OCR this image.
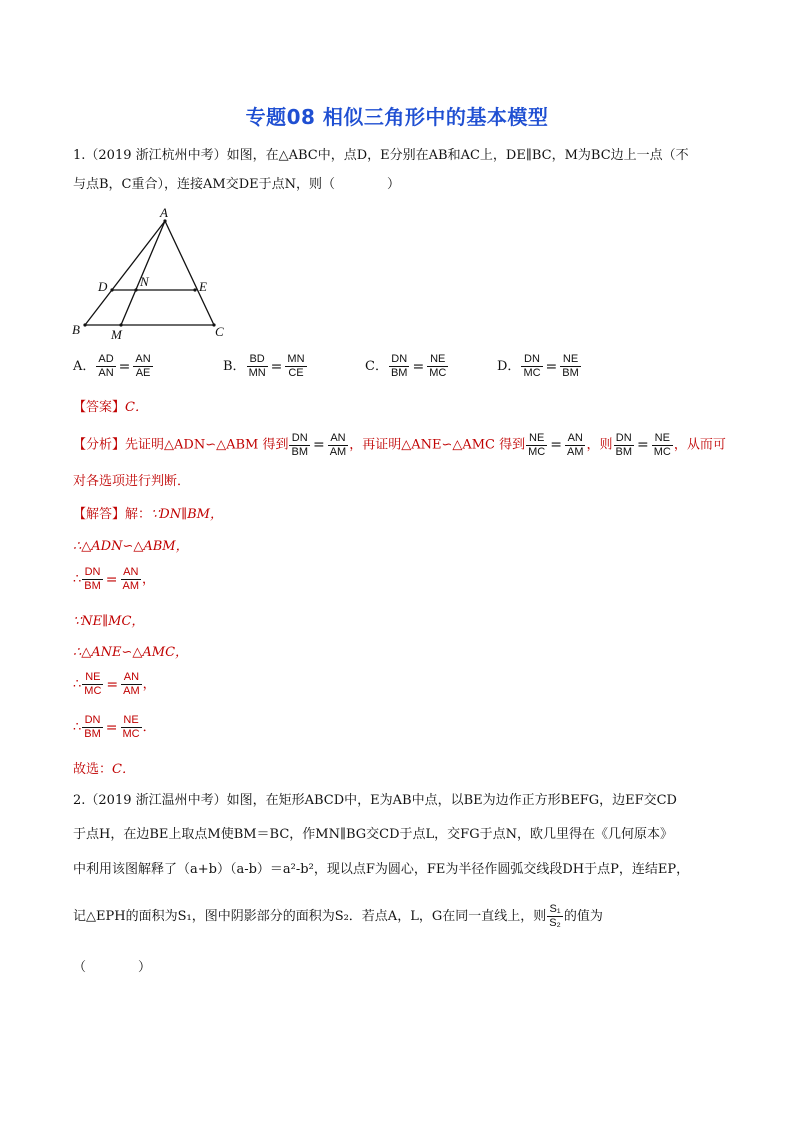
专题08 相似三角形中的基本模型
1.（2019 浙江杭州中考）如图，在△ABC中，点D，E分别在AB和AC上，DE∥BC，M为BC边上一点（不
与点B，C重合），连接AM交DE于点N，则（　　　　）
A
B	C
D	E
M
N
A． $\frac{AD}{AN} = \frac{AN}{AE}$	B． $\frac{BD}{MN} = \frac{MN}{CE}$	C． $\frac{DN}{BM} = \frac{NE}{MC}$	D． $\frac{DN}{MC} = \frac{NE}{BM}$
【答案】C．
【分析】先证明△ADN∽△ABM 得到 $\frac{DN}{BM} = \frac{AN}{AM}$ ，再证明△ANE∽△AMC 得到 $\frac{NE}{MC} = \frac{AN}{AM}$ ，则 $\frac{DN}{BM} = \frac{NE}{MC}$ ，从而可
对各选项进行判断．
【解答】解：∵DN∥BM，
∴△ADN∽△ABM，
∴ $\frac{DN}{BM} = \frac{AN}{AM}$ ，
∵NE∥MC，
∴△ANE∽△AMC，
∴ $\frac{NE}{MC} = \frac{AN}{AM}$ ，
∴ $\frac{DN}{BM} = \frac{NE}{MC}$ ．
故选：C．
2.（2019 浙江温州中考）如图，在矩形ABCD中，E为AB中点，以BE为边作正方形BEFG，边EF交CD
于点H，在边BE上取点M使BM＝BC，作MN∥BG交CD于点L，交FG于点N，欧几里得在《几何原本》
中利用该图解释了（a+b）（a-b）＝a²-b²，现以点F为圆心，FE为半径作圆弧交线段DH于点P，连结EP，
记△EPH的面积为S₁，图中阴影部分的面积为S₂．若点A，L，G在同一直线上，则 $\frac{\text{S₁}}{\text{S₂}}$ 的值为
（　　　　）
